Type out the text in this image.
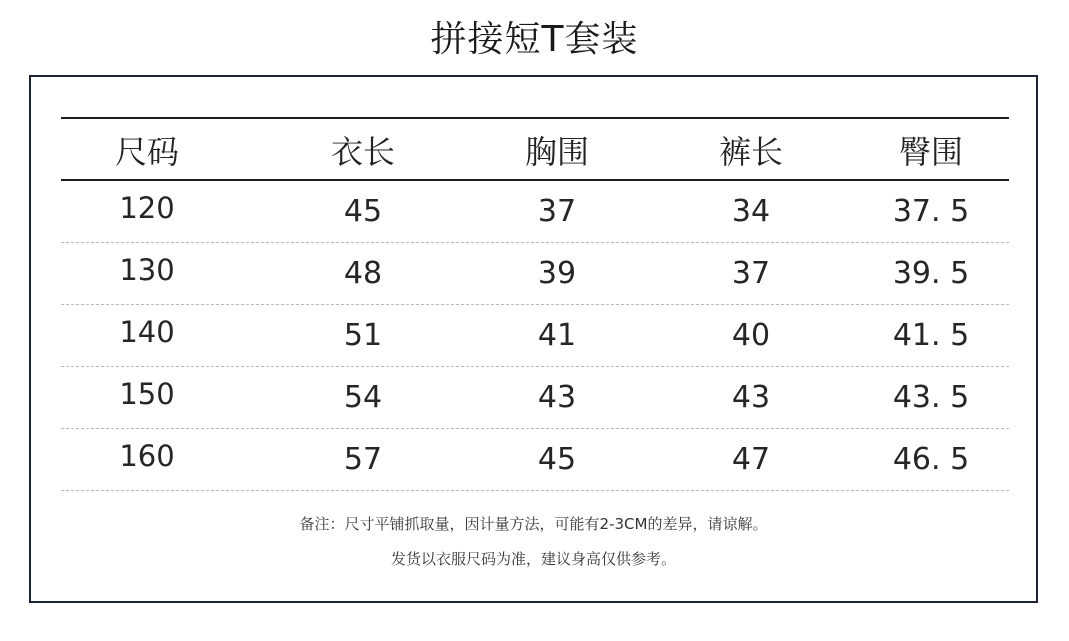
拼接短T套装
尺码	衣长	胸围	裤长	臀围
120	45	37	34	37. 5
130	48	39	37	39. 5
140	51	41	40	41. 5
150	54	43	43	43. 5
160	57	45	47	46. 5
备注：尺寸平铺抓取量，因计量方法，可能有2-3CM的差异，请谅解。
发货以衣服尺码为准，建议身高仅供参考。
